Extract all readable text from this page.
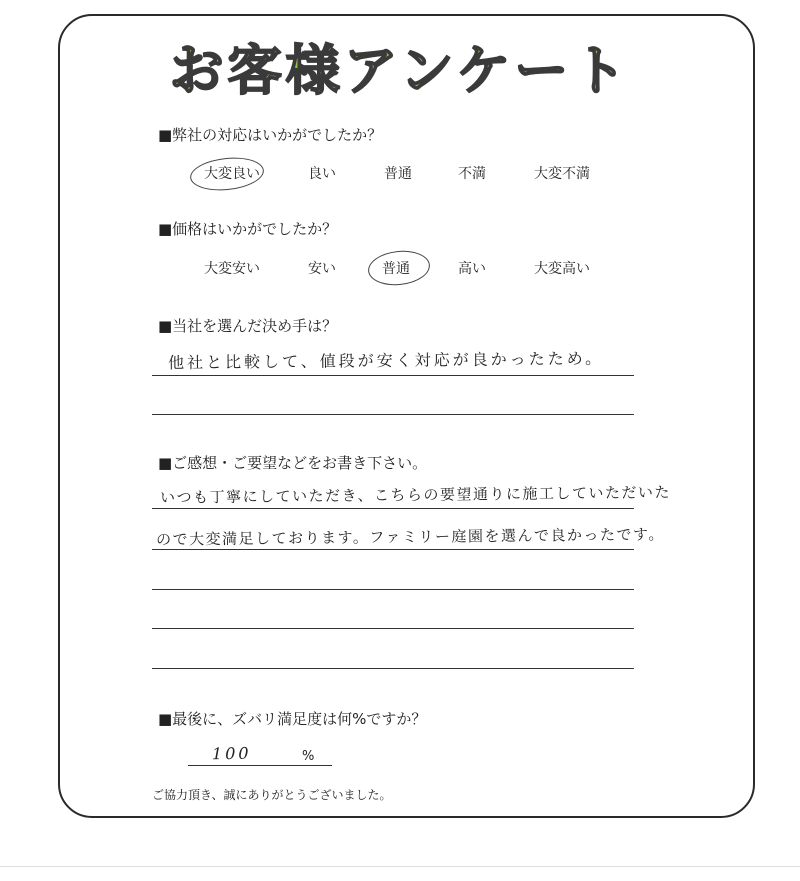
お客様アンケート
■弊社の対応はいかがでしたか？
大変良い	良い	普通	不満	大変不満
■価格はいかがでしたか？
大変安い	安い	普通	高い	大変高い
■当社を選んだ決め手は？
他社と比較して、値段が安く対応が良かったため。
■ご感想・ご要望などをお書き下さい。
いつも丁寧にしていただき、こちらの要望通りに施工していただいた
ので大変満足しております。ファミリー庭園を選んで良かったです。
■最後に、ズバリ満足度は何%ですか？
100	%
ご協力頂き、誠にありがとうございました。
